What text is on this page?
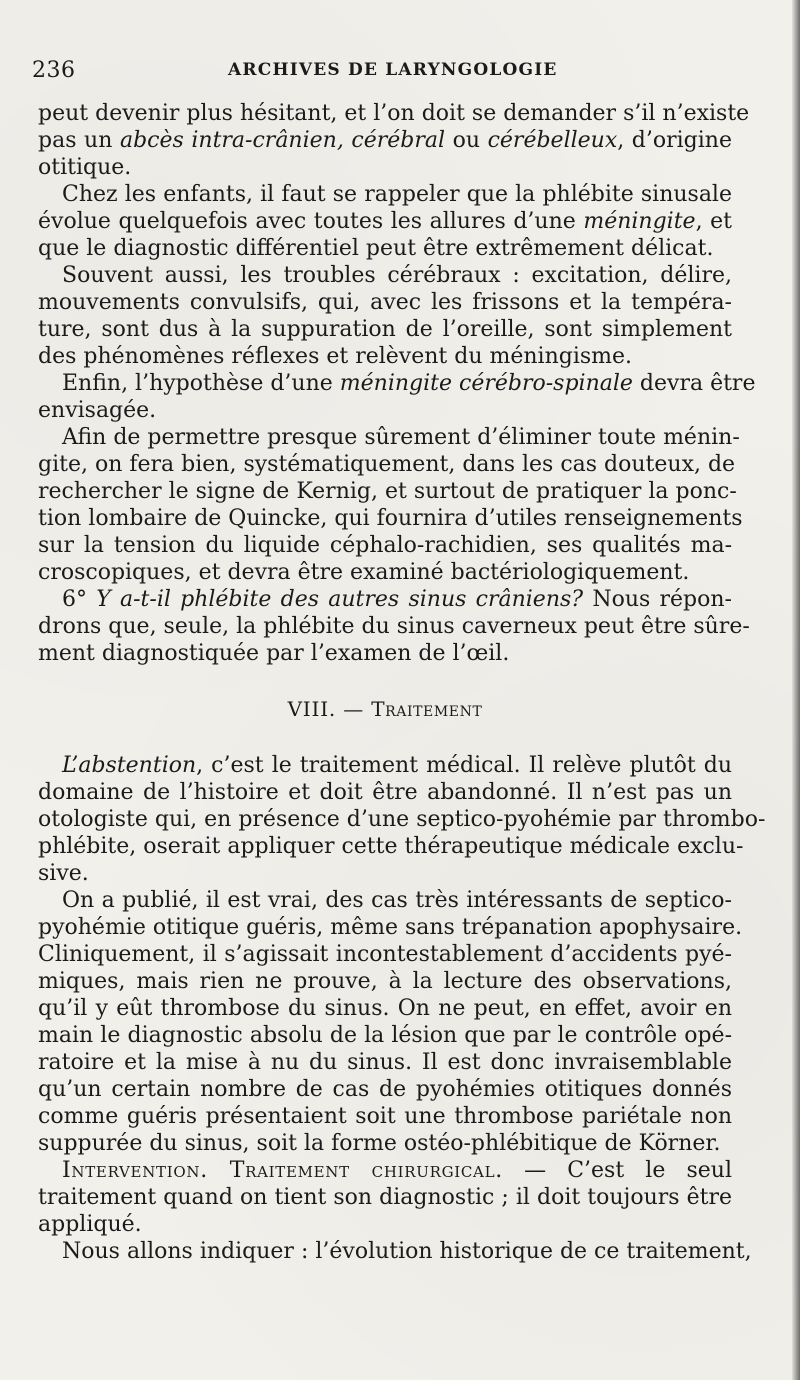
236	ARCHIVES DE LARYNGOLOGIE
peut devenir plus hésitant, et l’on doit se demander s’il n’existe
pas un abcès intra-crânien, cérébral ou cérébelleux, d’origine
otitique.
Chez les enfants, il faut se rappeler que la phlébite sinusale
évolue quelquefois avec toutes les allures d’une méningite, et
que le diagnostic différentiel peut être extrêmement délicat.
Souvent aussi, les troubles cérébraux : excitation, délire,
mouvements convulsifs, qui, avec les frissons et la tempéra-
ture, sont dus à la suppuration de l’oreille, sont simplement
des phénomènes réflexes et relèvent du méningisme.
Enfin, l’hypothèse d’une méningite cérébro-spinale devra être
envisagée.
Afin de permettre presque sûrement d’éliminer toute ménin-
gite, on fera bien, systématiquement, dans les cas douteux, de
rechercher le signe de Kernig, et surtout de pratiquer la ponc-
tion lombaire de Quincke, qui fournira d’utiles renseignements
sur la tension du liquide céphalo-rachidien, ses qualités ma-
croscopiques, et devra être examiné bactériologiquement.
6° Y a-t-il phlébite des autres sinus crâniens? Nous répon-
drons que, seule, la phlébite du sinus caverneux peut être sûre-
ment diagnostiquée par l’examen de l’œil.
VIII. — Traitement
L’abstention, c’est le traitement médical. Il relève plutôt du
domaine de l’histoire et doit être abandonné. Il n’est pas un
otologiste qui, en présence d’une septico-pyohémie par thrombo-
phlébite, oserait appliquer cette thérapeutique médicale exclu-
sive.
On a publié, il est vrai, des cas très intéressants de septico-
pyohémie otitique guéris, même sans trépanation apophysaire.
Cliniquement, il s’agissait incontestablement d’accidents pyé-
miques, mais rien ne prouve, à la lecture des observations,
qu’il y eût thrombose du sinus. On ne peut, en effet, avoir en
main le diagnostic absolu de la lésion que par le contrôle opé-
ratoire et la mise à nu du sinus. Il est donc invraisemblable
qu’un certain nombre de cas de pyohémies otitiques donnés
comme guéris présentaient soit une thrombose pariétale non
suppurée du sinus, soit la forme ostéo-phlébitique de Körner.
Intervention. Traitement chirurgical. — C’est le seul
traitement quand on tient son diagnostic ; il doit toujours être
appliqué.
Nous allons indiquer : l’évolution historique de ce traitement,
